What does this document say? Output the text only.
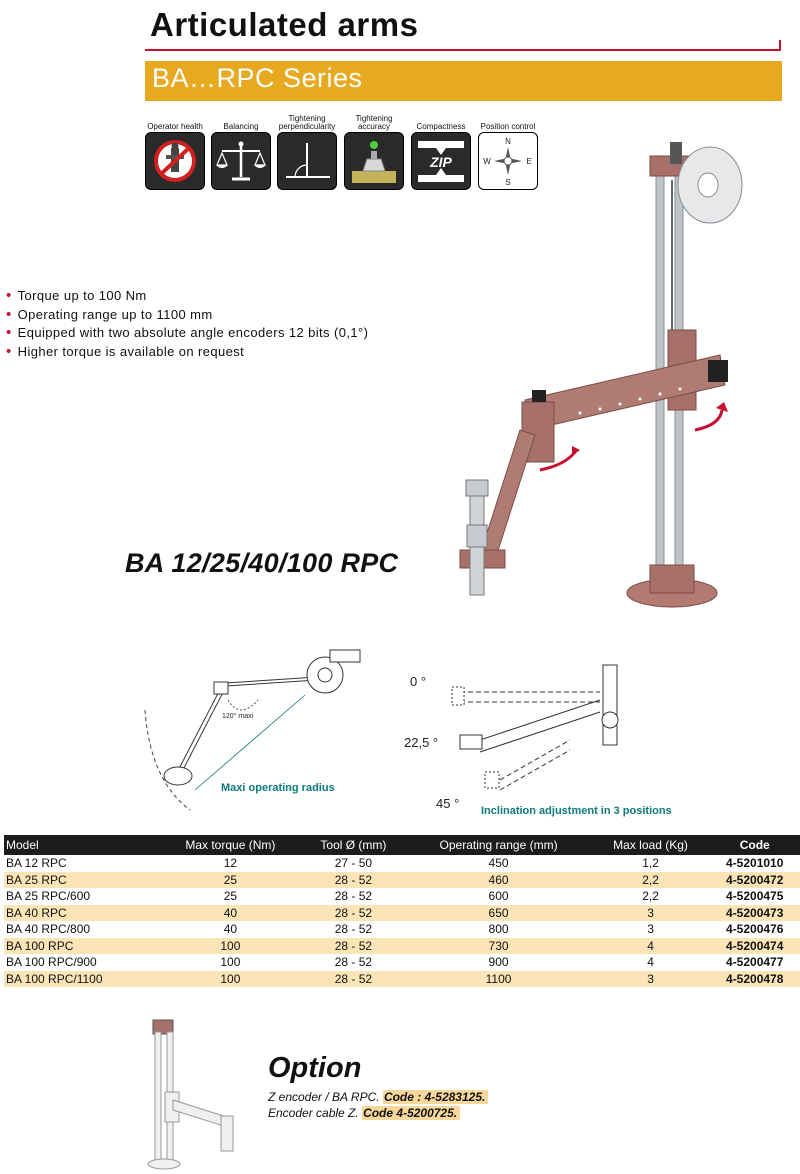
Articulated arms
BA…RPC Series
Operator health	Balancing
Tightening perpendicularity
Tightening accuracy	Compactness
ZIP
Position control
N
S
E
W
• Torque up to 100 Nm
• Operating range up to 1100 mm
• Equipped with two absolute angle encoders 12 bits (0,1°)
• Higher torque is available on request
BA 12/25/40/100 RPC
120° maxi
Maxi operating radius
0 °
22,5 °
45 ° Inclination adjustment in 3 positions
Model	Max torque (Nm)	Tool Ø (mm)	Operating range (mm)	Max load (Kg)	Code
BA 12 RPC	12	27 - 50	450	1,2	4-5201010
BA 25 RPC	25	28 - 52	460	2,2	4-5200472
BA 25 RPC/600	25	28 - 52	600	2,2	4-5200475
BA 40 RPC	40	28 - 52	650	3	4-5200473
BA 40 RPC/800	40	28 - 52	800	3	4-5200476
BA 100 RPC	100	28 - 52	730	4	4-5200474
BA 100 RPC/900	100	28 - 52	900	4	4-5200477
BA 100 RPC/1100	100	28 - 52	1100	3	4-5200478
Option
Z encoder / BA RPC. Code : 4-5283125.
Encoder cable Z. Code 4-5200725.
